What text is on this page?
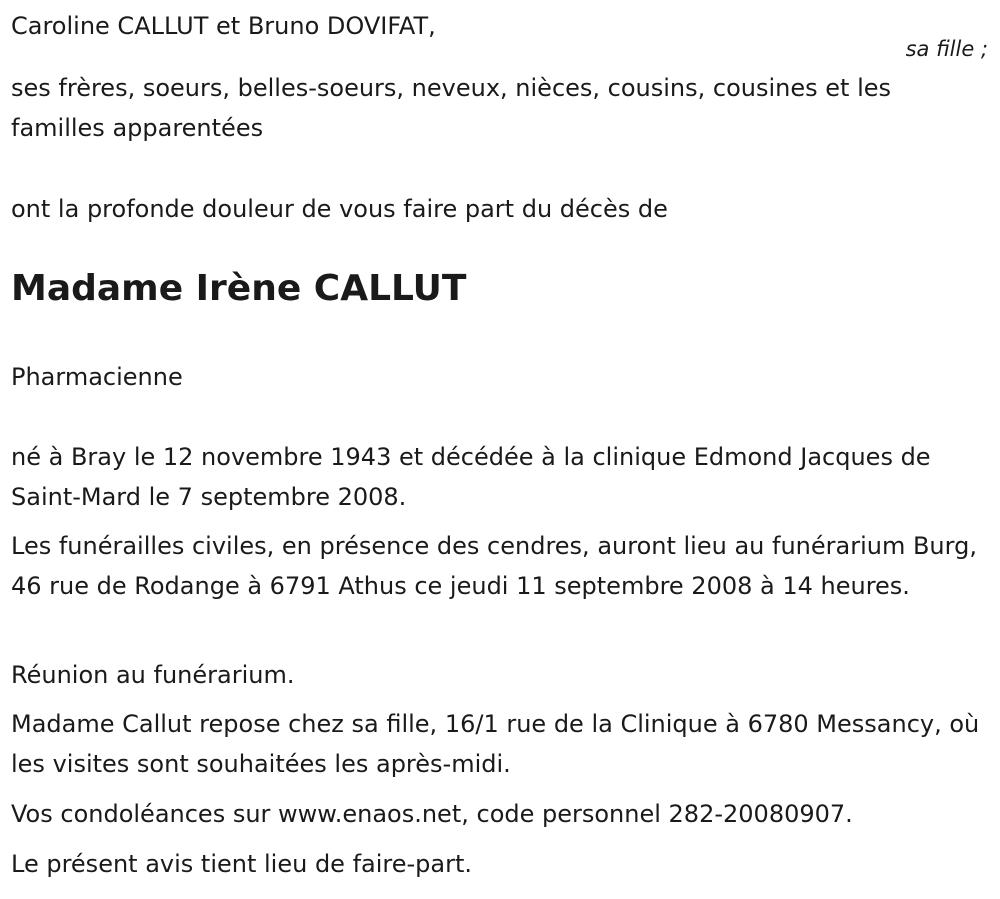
Caroline CALLUT et Bruno DOVIFAT,
sa fille ;
ses frères, soeurs, belles-soeurs, neveux, nièces, cousins, cousines et les familles apparentées
ont la profonde douleur de vous faire part du décès de
Madame Irène CALLUT
Pharmacienne
né à Bray le 12 novembre 1943 et décédée à la clinique Edmond Jacques de Saint-Mard le 7 septembre 2008.
Les funérailles civiles, en présence des cendres, auront lieu au funérarium Burg, 46 rue de Rodange à 6791 Athus ce jeudi 11 septembre 2008 à 14 heures.
Réunion au funérarium.
Madame Callut repose chez sa fille, 16/1 rue de la Clinique à 6780 Messancy, où les visites sont souhaitées les après-midi.
Vos condoléances sur www.enaos.net, code personnel 282-20080907.
Le présent avis tient lieu de faire-part.
